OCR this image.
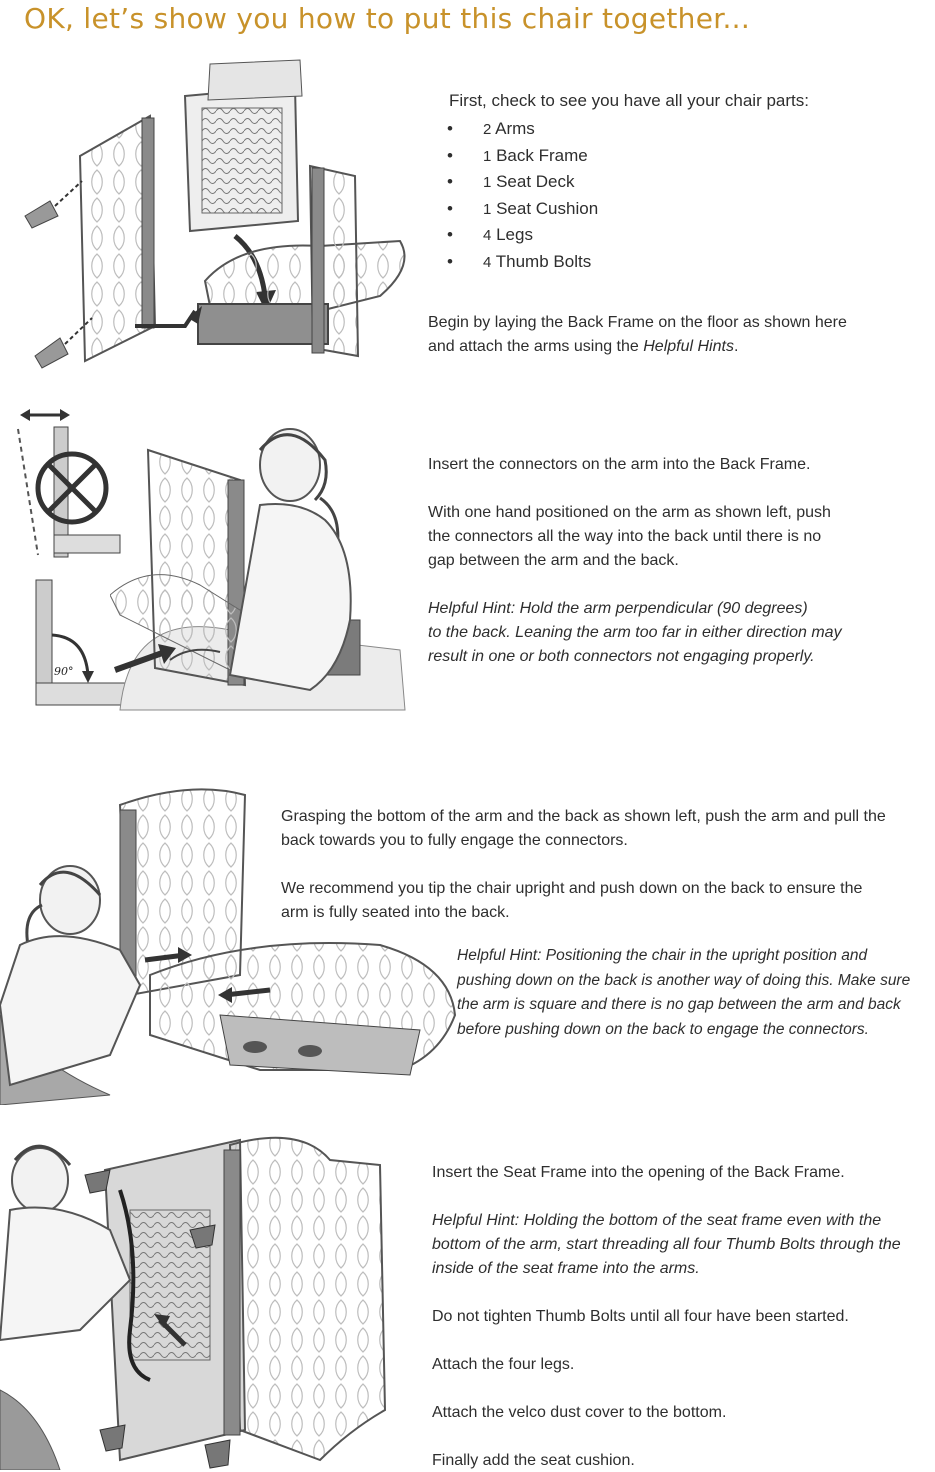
OK, let’s show you how to put this chair together...
First, check to see you have all your chair parts:
• 2 Arms
• 1 Back Frame
• 1 Seat Deck
• 1 Seat Cushion
• 4 Legs
• 4 Thumb Bolts

Begin by laying the Back Frame on the floor as shown here

and attach the arms using the Helpful Hints.

90°

Insert the connectors on the arm into the Back Frame.

With one hand positioned on the arm as shown left, push

the connectors all the way into the back until there is no

gap between the arm and the back.

Helpful Hint: Hold the arm perpendicular (90 degrees)

to the back. Leaning the arm too far in either direction may

result in one or both connectors not engaging properly.

Grasping the bottom of the arm and the back as shown left, push the arm and pull the

back towards you to fully engage the connectors.

We recommend you tip the chair upright and push down on the back to ensure the

arm is fully seated into the back.

Helpful Hint: Positioning the chair in the upright position and

pushing down on the back is another way of doing this. Make sure

the arm is square and there is no gap between the arm and back

before pushing down on the back to engage the connectors.

Insert the Seat Frame into the opening of the Back Frame.

Helpful Hint: Holding the bottom of the seat frame even with the

bottom of the arm, start threading all four Thumb Bolts through the

inside of the seat frame into the arms.

Do not tighten Thumb Bolts until all four have been started.

Attach the four legs.

Attach the velco dust cover to the bottom.

Finally add the seat cushion.
